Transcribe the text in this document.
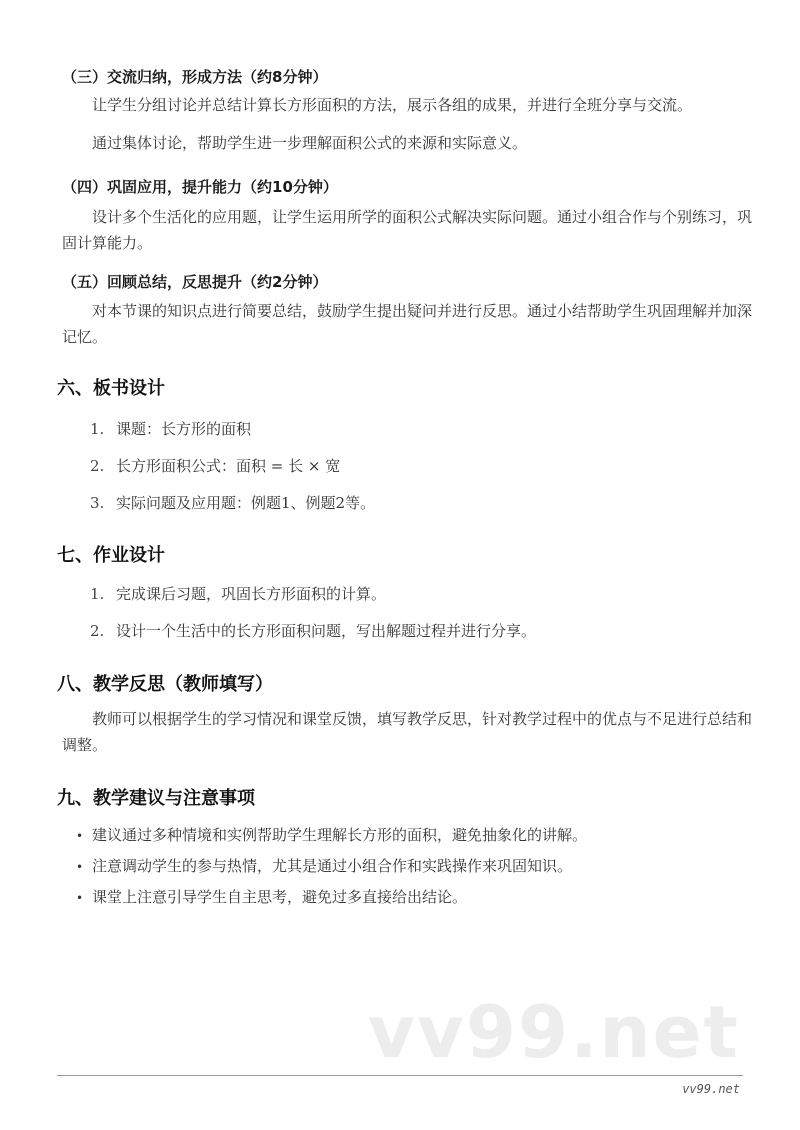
（三）交流归纳，形成方法（约8分钟）
让学生分组讨论并总结计算长方形面积的方法，展示各组的成果，并进行全班分享与交流。
通过集体讨论，帮助学生进一步理解面积公式的来源和实际意义。
（四）巩固应用，提升能力（约10分钟）
设计多个生活化的应用题，让学生运用所学的面积公式解决实际问题。通过小组合作与个别练习，巩固计算能力。
（五）回顾总结，反思提升（约2分钟）
对本节课的知识点进行简要总结，鼓励学生提出疑问并进行反思。通过小结帮助学生巩固理解并加深记忆。
六、板书设计
1. 课题：长方形的面积
2. 长方形面积公式：面积 = 长 × 宽
3. 实际问题及应用题：例题1、例题2等。
七、作业设计
1. 完成课后习题，巩固长方形面积的计算。
2. 设计一个生活中的长方形面积问题，写出解题过程并进行分享。
八、教学反思（教师填写）
教师可以根据学生的学习情况和课堂反馈，填写教学反思，针对教学过程中的优点与不足进行总结和调整。
九、教学建议与注意事项
• 建议通过多种情境和实例帮助学生理解长方形的面积，避免抽象化的讲解。
• 注意调动学生的参与热情，尤其是通过小组合作和实践操作来巩固知识。
• 课堂上注意引导学生自主思考，避免过多直接给出结论。
vv99.net
vv99.net
